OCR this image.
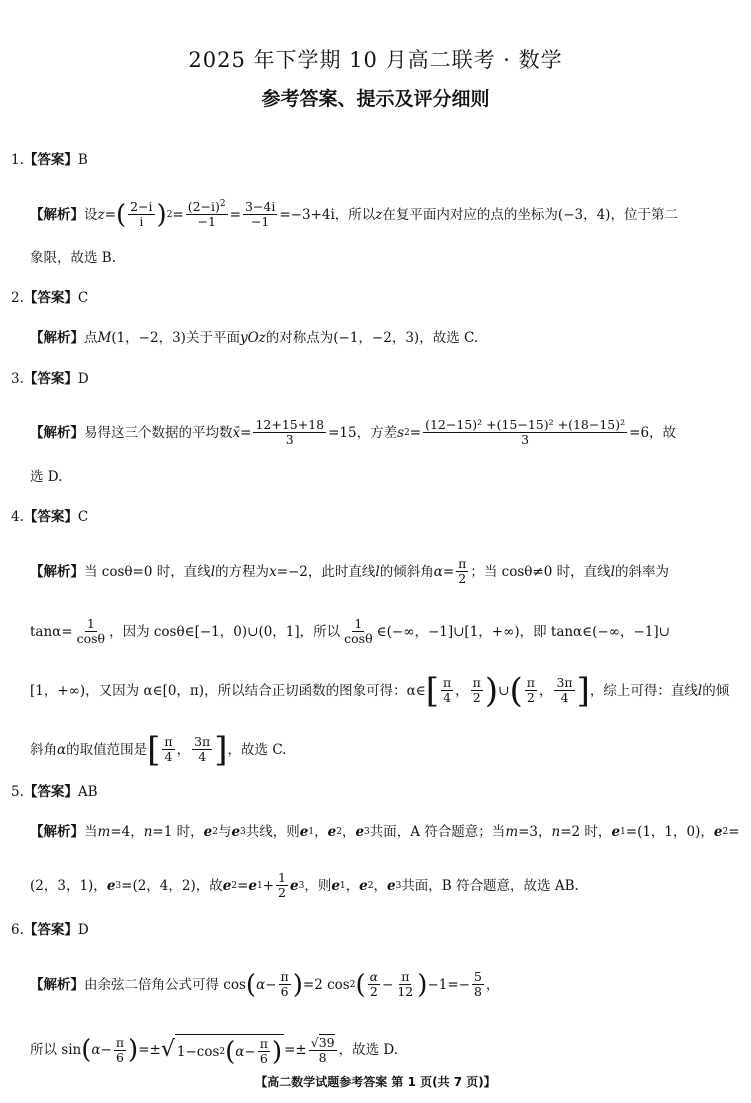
2025 年下学期 10 月高二联考 · 数学
参考答案、提示及评分细则
1. 【答案】 B
【解析】 设 z = ( $\frac{2-i}{i}$ ) $2 = \frac{(2-i)^2}{-1} = \frac{3-4i}{-1} =-3+4i$，所以 z 在复平面内对应的点的坐标为(−3，4)，位于第二
象限，故选 B.
2. 【答案】 C
【解析】 点 M (1，−2，3)关于平面 yOz 的对称点为(−1，−2，3)，故选 C.
3. 【答案】 D
【解析】 易得这三个数据的平均数 x̄ = $\frac{12+15+18}{3} =15$，方差 s $2 = \frac{\text{(12−15)² +(15−15)² +(18−15)²}}{3} =6$，故
选 D.
4. 【答案】 C
【解析】 当 cosθ=0 时，直线 l 的方程为 x =−2，此时直线 l 的倾斜角 $\alpha = \frac{\pi}{2}$ ；当 cosθ≠0 时，直线 l 的斜率为
$\tan\alpha= \frac{1}{\cos\theta}$ ，因为 cosθ∈[−1，0)∪(0，1]，所以 $\frac{1}{\cos\theta}$ ∈(−∞，−1]∪[1，+∞)，即 tanα∈(−∞，−1]∪
[1，+∞)，又因为 α∈[0，π)，所以结合正切函数的图象可得：α∈ [ $\frac{\pi}{4}$ ， $\frac{\pi}{2}$ ) ∪ ( $\frac{\pi}{2}$ ， $\frac{3\pi}{4}$ ] ，综上可得：直线 l 的倾
斜角 α 的取值范围是 [ $\frac{\pi}{4}$ ， $\frac{3\pi}{4}$ ] ，故选 C.
5. 【答案】 AB
【解析】 当 m =4， n =1 时， e 2 与 e 3 共线，则 e 1 ， e 2 ， e 3 共面，A 符合题意；当 m =3， n =2 时， e 1 =(1，1，0)， e 2 =
(2，3，1)， e 3 =(2，4，2)，故 e 2 = e $1 + \frac{1}{2}$ e 3 ，则 e 1 ， e 2 ， e 3 共面，B 符合题意，故选 AB.
6. 【答案】 D
【解析】 由余弦二倍角公式可得 cos ( $\alpha - \frac{\pi}{6}$ ) =2 cos 2 ( $\frac{\alpha}{2} - \frac{\pi}{12}$ ) $-1=- \frac{5}{8}$ ，
所以 sin ( $\alpha - \frac{\pi}{6}$ ) =± √ 1−cos 2 ( $\alpha - \frac{\pi}{6}$ ) =± $\frac{√39}{8}$ ，故选 D.
【高二数学试题参考答案 第 1 页(共 7 页)】
